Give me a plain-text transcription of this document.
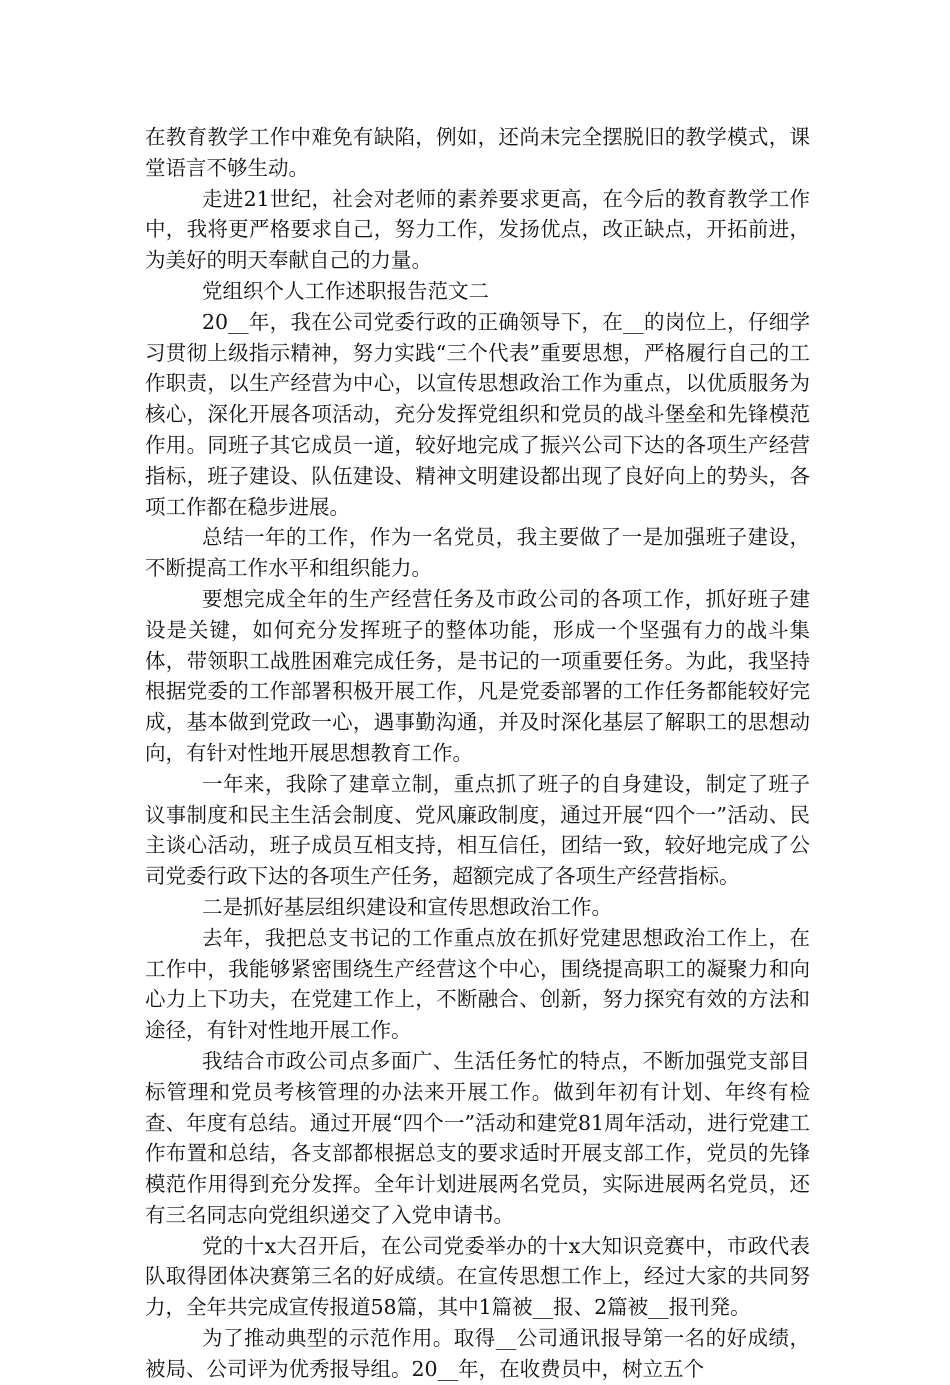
在教育教学工作中难免有缺陷，例如，还尚未完全摆脱旧的教学模式，课堂语言不够生动。

走进21世纪，社会对老师的素养要求更高，在今后的教育教学工作中，我将更严格要求自己，努力工作，发扬优点，改正缺点，开拓前进，为美好的明天奉献自己的力量。

党组织个人工作述职报告范文二

20__年，我在公司党委行政的正确领导下，在__的岗位上，仔细学习贯彻上级指示精神，努力实践“三个代表”重要思想，严格履行自己的工作职责，以生产经营为中心，以宣传思想政治工作为重点，以优质服务为核心，深化开展各项活动，充分发挥党组织和党员的战斗堡垒和先锋模范作用。同班子其它成员一道，较好地完成了振兴公司下达的各项生产经营指标，班子建设、队伍建设、精神文明建设都出现了良好向上的势头，各项工作都在稳步进展。

总结一年的工作，作为一名党员，我主要做了一是加强班子建设，不断提高工作水平和组织能力。

要想完成全年的生产经营任务及市政公司的各项工作，抓好班子建设是关键，如何充分发挥班子的整体功能，形成一个坚强有力的战斗集体，带领职工战胜困难完成任务，是书记的一项重要任务。为此，我坚持根据党委的工作部署积极开展工作，凡是党委部署的工作任务都能较好完成，基本做到党政一心，遇事勤沟通，并及时深化基层了解职工的思想动向，有针对性地开展思想教育工作。

一年来，我除了建章立制，重点抓了班子的自身建设，制定了班子议事制度和民主生活会制度、党风廉政制度，通过开展“四个一”活动、民主谈心活动，班子成员互相支持，相互信任，团结一致，较好地完成了公司党委行政下达的各项生产任务，超额完成了各项生产经营指标。

二是抓好基层组织建设和宣传思想政治工作。

去年，我把总支书记的工作重点放在抓好党建思想政治工作上，在工作中，我能够紧密围绕生产经营这个中心，围绕提高职工的凝聚力和向心力上下功夫，在党建工作上，不断融合、创新，努力探究有效的方法和途径，有针对性地开展工作。

我结合市政公司点多面广、生活任务忙的特点，不断加强党支部目标管理和党员考核管理的办法来开展工作。做到年初有计划、年终有检查、年度有总结。通过开展“四个一”活动和建党81周年活动，进行党建工作布置和总结，各支部都根据总支的要求适时开展支部工作，党员的先锋模范作用得到充分发挥。全年计划进展两名党员，实际进展两名党员，还有三名同志向党组织递交了入党申请书。

党的十x大召开后，在公司党委举办的十x大知识竞赛中，市政代表队取得团体决赛第三名的好成绩。在宣传思想工作上，经过大家的共同努力，全年共完成宣传报道58篇，其中1篇被__报、2篇被__报刊発。

为了推动典型的示范作用。取得__公司通讯报导第一名的好成绩，被局、公司评为优秀报导组。20__年，在收费员中，树立五个
